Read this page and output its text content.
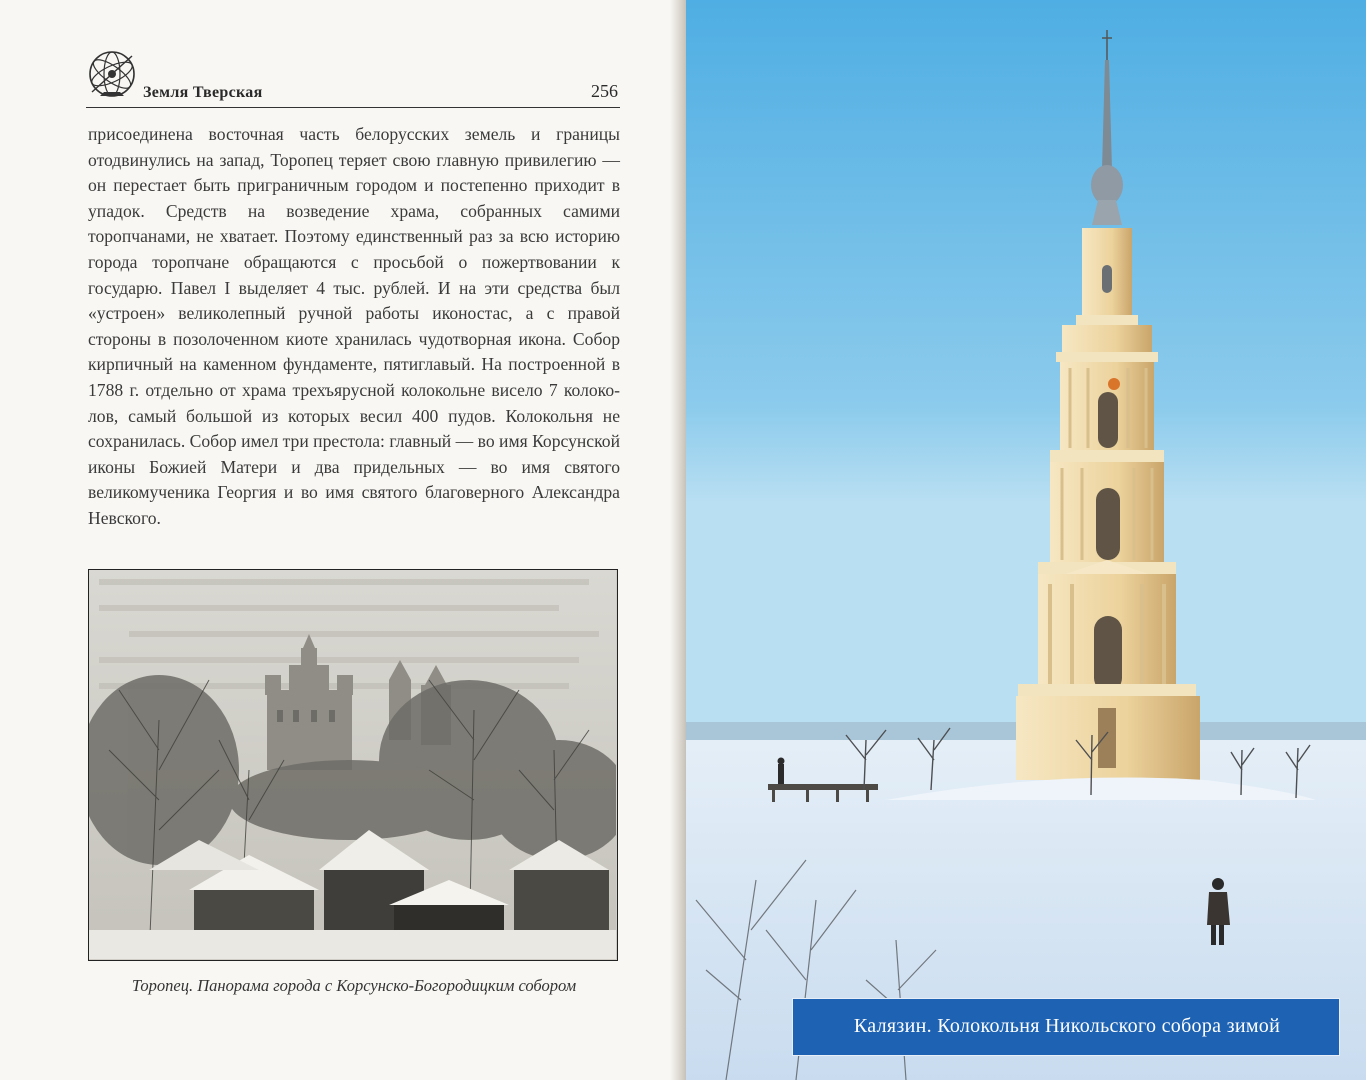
Земля Тверская	256

присоединена восточная часть белорусских земель и границы отодвинулись на запад, Торопец теряет свою главную привилегию — он перестает быть приграничным городом и постепенно приходит в упадок. Средств на возведение храма, собранных самими торопчанами, не хватает. Поэтому единственный раз за всю историю города торопчане обращаются с просьбой о пожертвовании к государю. Павел I выделяет 4 тыс. рублей. И на эти средства был «устроен» великолепный ручной работы иконостас, а с правой стороны в позолоченном киоте хранилась чудотворная икона. Собор кирпичный на каменном фундаменте, пятиглавый. На построенной в 1788 г. отдельно от храма трехъярусной колокольне висело 7 колоколов, самый большой из которых весил 400 пудов. Колокольня не сохранилась. Собор имел три престола: главный — во имя Корсунской иконы Божией Матери и два придельных — во имя святого великомученика Георгия и во имя святого благоверного Александра Невского.

Торопец. Панорама города с Корсунско-Богородицким собором
Калязин. Колокольня Никольского собора зимой
